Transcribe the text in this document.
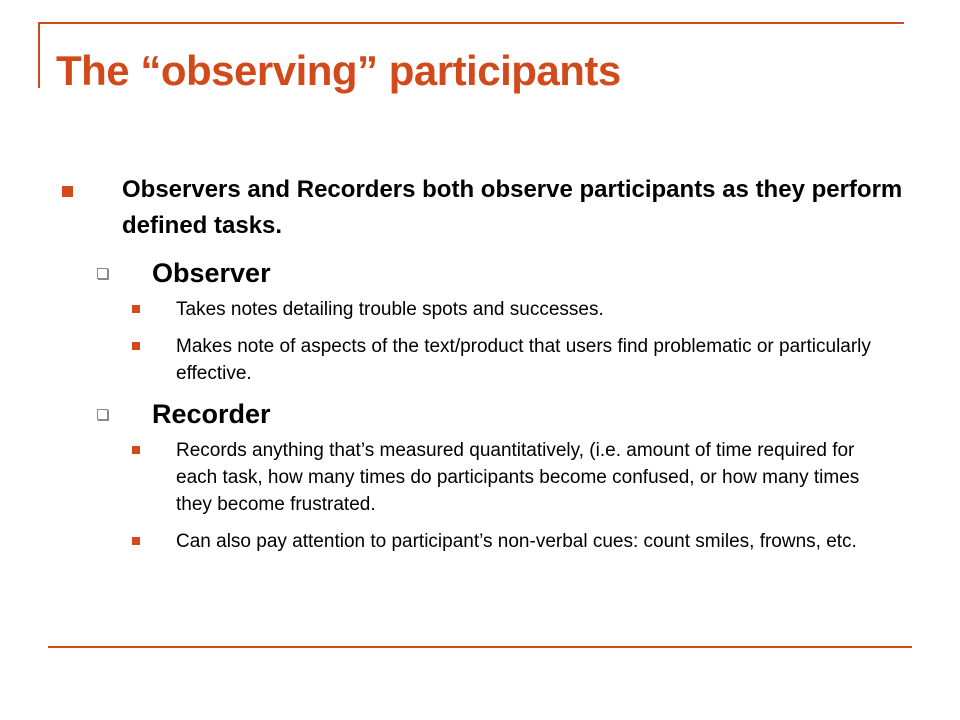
The “observing” participants
Observers and Recorders both observe participants as they perform defined tasks.
Observer
Takes notes detailing trouble spots and successes.
Makes note of aspects of the text/product that users find problematic or particularly effective.
Recorder
Records anything that’s measured quantitatively, (i.e. amount of time required for each task, how many times do participants become confused, or how many times they become frustrated.
Can also pay attention to participant’s non-verbal cues: count smiles, frowns, etc.
